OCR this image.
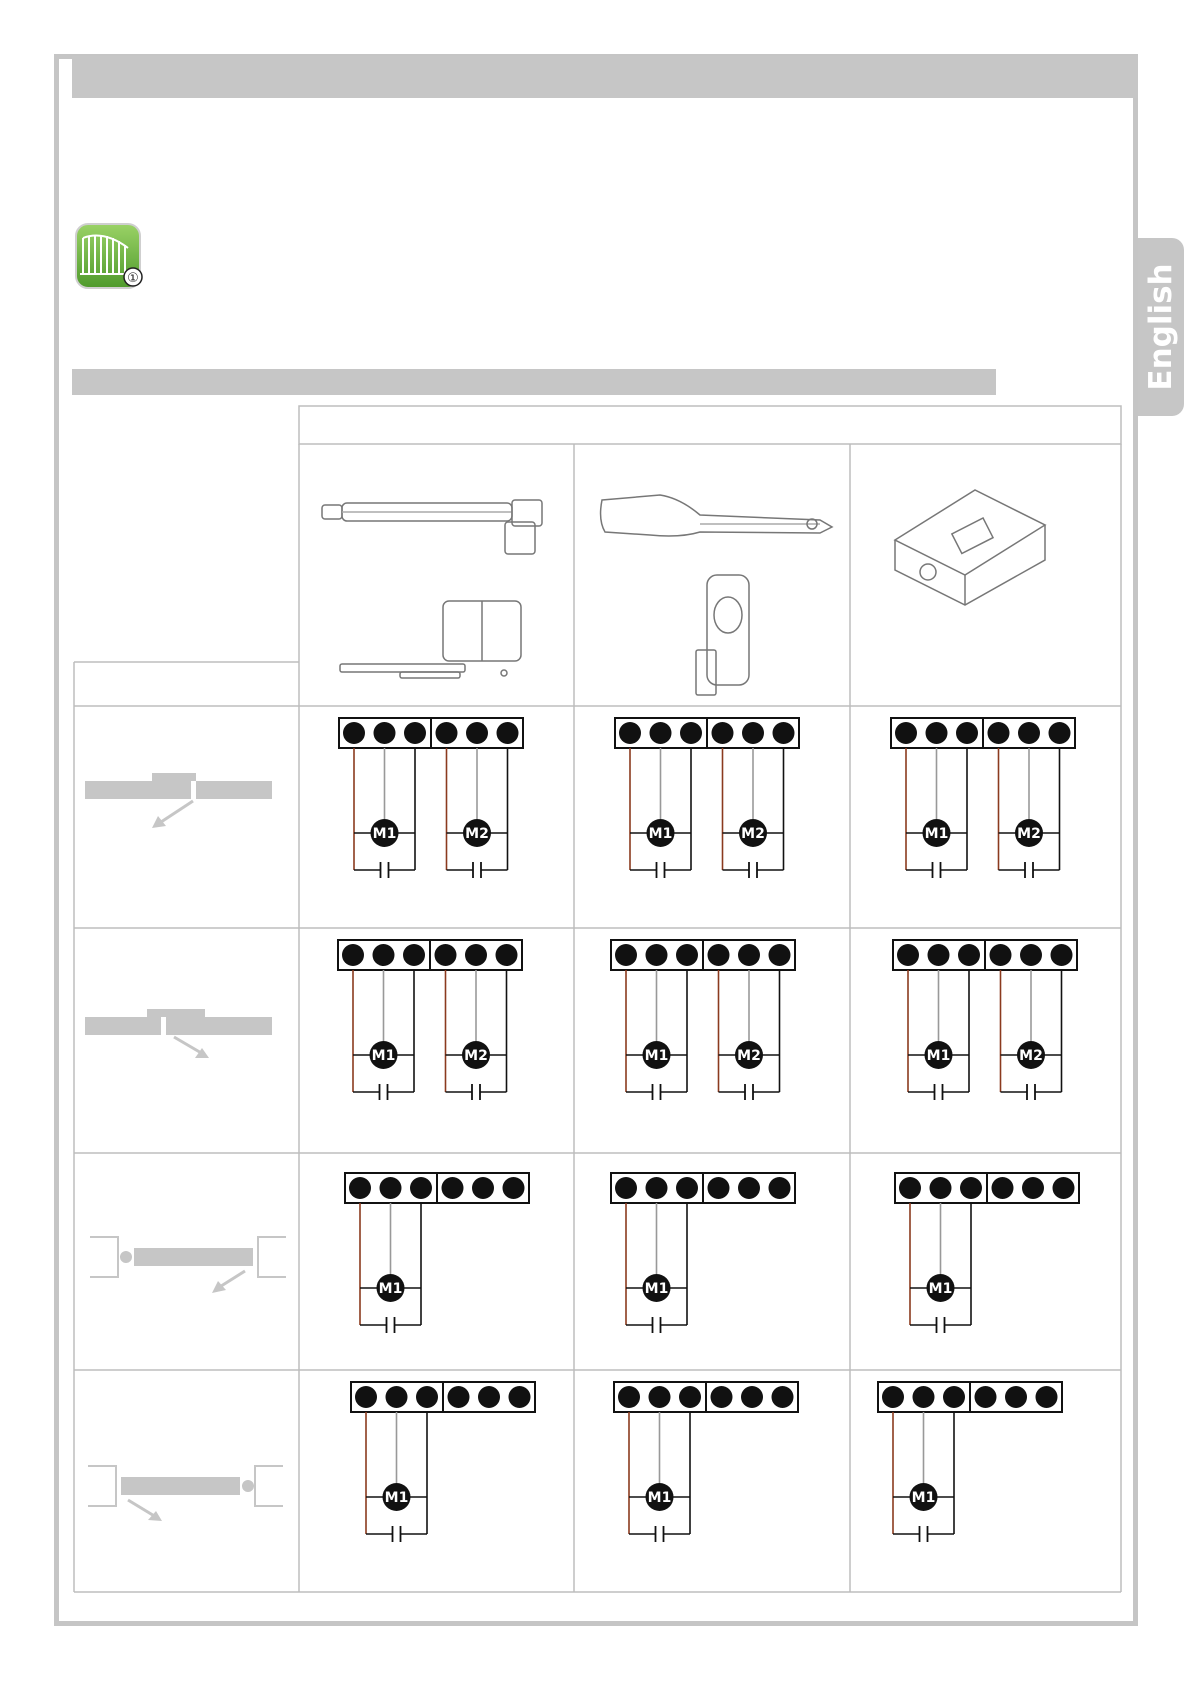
English
①
M1	M2	M1	M2	M1	M2
M1	M2	M1	M2	M1	M2
M1	M1	M1
M1	M1	M1
